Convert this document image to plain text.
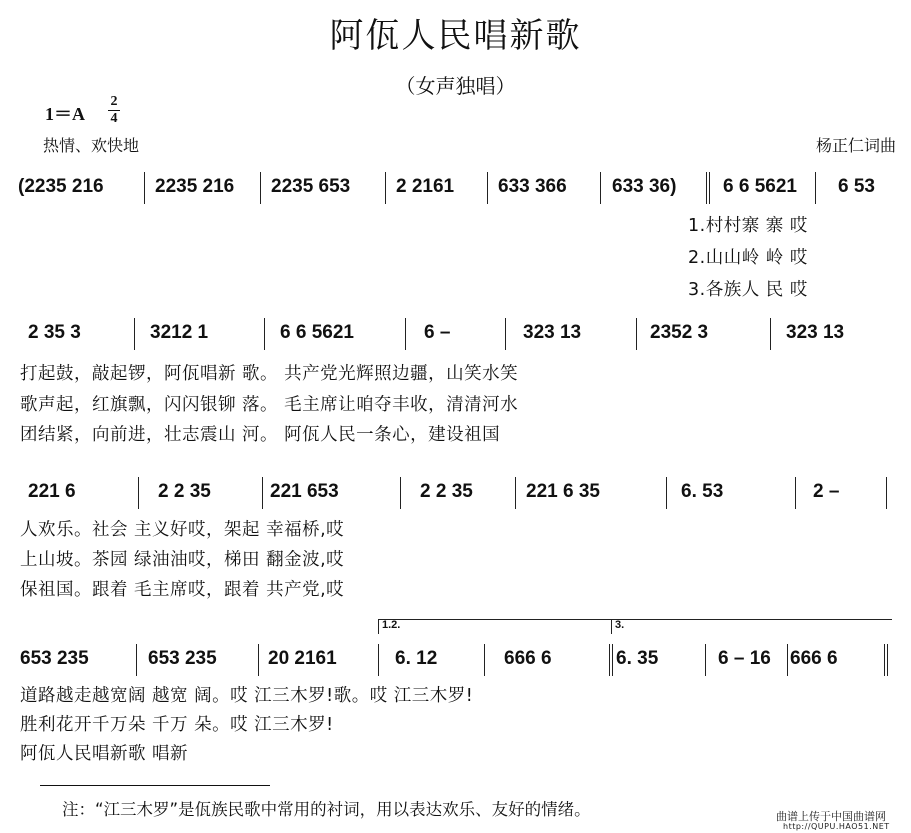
阿佤人民唱新歌
（女声独唱）
1＝A
2
4
热情、欢快地	杨正仁词曲
(2235 216	2235 216 2235 653 2 2161 633 366 633 36) 6 6 5621 6 53
1.村村寨 寨 哎
2.山山岭 岭 哎
3.各族人 民 哎
2 35 3	3212 1	6 6 5621	6 –	323 13	2352 3	323 13
打起鼓，敲起锣，阿佤唱新 歌。 共产党光辉照边疆，山笑水笑
歌声起，红旗飘，闪闪银铆 落。 毛主席让咱夺丰收，清清河水
团结紧，向前进，壮志震山 河。 阿佤人民一条心，建设祖国
221 6	2 2 35	221 653	2 2 35	221 6 35	6. 53	2 –
人欢乐。社会 主义好哎，架起 幸福桥,哎
上山坡。茶园 绿油油哎，梯田 翻金波,哎
保祖国。跟着 毛主席哎，跟着 共产党,哎
1.2.	3.
653 235	653 235	20 2161	6. 12	666 6	6. 35	6 – 16 666 6
道路越走越宽阔 越宽 阔。哎 江三木罗!歌。哎 江三木罗!
胜利花开千万朵 千万 朵。哎 江三木罗!
阿佤人民唱新歌 唱新
注：“江三木罗”是佤族民歌中常用的衬词，用以表达欢乐、友好的情绪。	曲谱上传于中国曲谱网
http://QUPU.HAO51.NET
